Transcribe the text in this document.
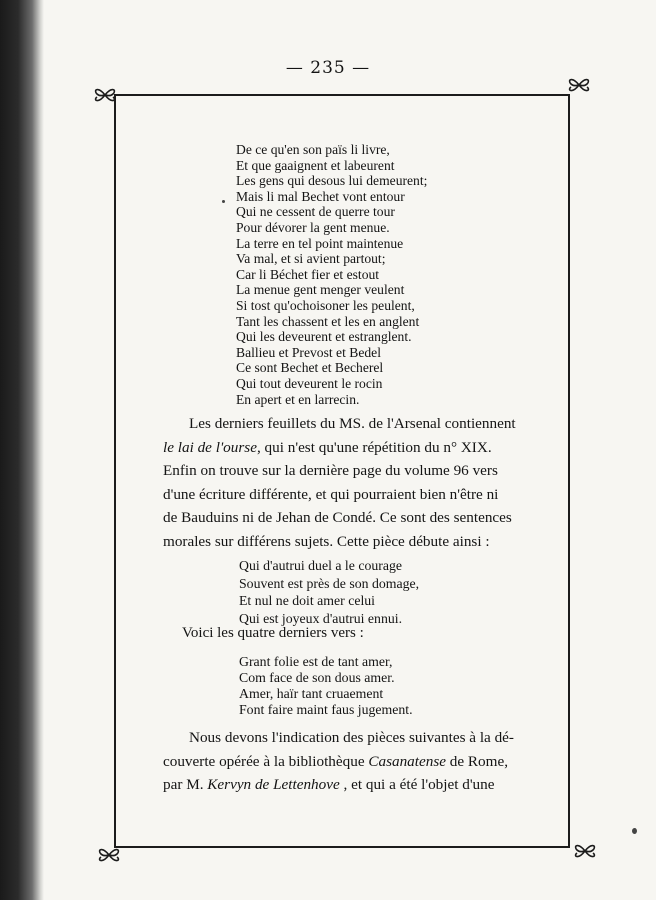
— 235 —
De ce qu'en son païs li livre,
Et que gaaignent et labeurent
Les gens qui desous lui demeurent;
Mais li mal Bechet vont entour
Qui ne cessent de querre tour
Pour dévorer la gent menue.
La terre en tel point maintenue
Va mal, et si avient partout;
Car li Béchet fier et estout
La menue gent menger veulent
Si tost qu'ochoisoner les peulent,
Tant les chassent et les en anglent
Qui les deveurent et estranglent.
Ballieu et Prevost et Bedel
Ce sont Bechet et Becherel
Qui tout deveurent le rocin
En apert et en larrecin.

Les derniers feuillets du MS. de l'Arsenal contiennent
le lai de l'ourse, qui n'est qu'une répétition du n° XIX.
Enfin on trouve sur la dernière page du volume 96 vers
d'une écriture différente, et qui pourraient bien n'être ni
de Bauduins ni de Jehan de Condé. Ce sont des sentences
morales sur différens sujets. Cette pièce débute ainsi :

Qui d'autrui duel a le courage
Souvent est près de son domage,
Et nul ne doit amer celui
Qui est joyeux d'autrui ennui.
Voici les quatre derniers vers :
Grant folie est de tant amer,
Com face de son dous amer.
Amer, haïr tant cruaement
Font faire maint faus jugement.

Nous devons l'indication des pièces suivantes à la dé-
couverte opérée à la bibliothèque Casanatense de Rome,
par M. Kervyn de Lettenhove , et qui a été l'objet d'une
